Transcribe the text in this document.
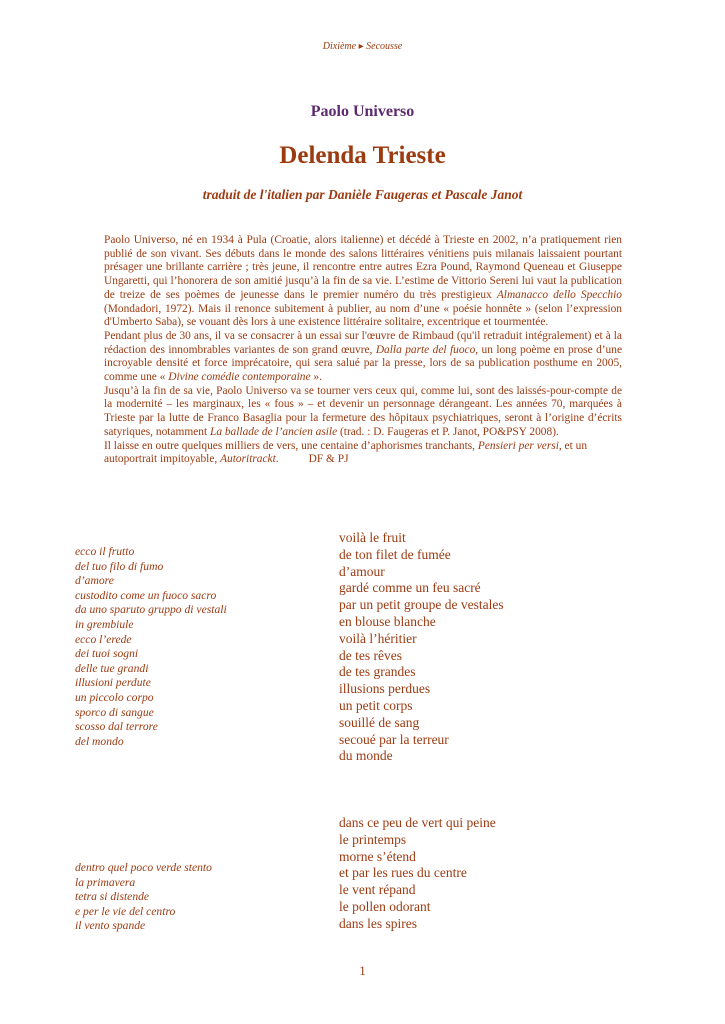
Dixième ▸ Secousse
Paolo Universo
Delenda Trieste
traduit de l'italien par Danièle Faugeras et Pascale Janot

Paolo Universo, né en 1934 à Pula (Croatie, alors italienne) et décédé à Trieste en 2002, n’a pratiquement rien publié de son vivant. Ses débuts dans le monde des salons littéraires vénitiens puis milanais laissaient pourtant présager une brillante carrière ; très jeune, il rencontre entre autres Ezra Pound, Raymond Queneau et Giuseppe Ungaretti, qui l’honorera de son amitié jusqu’à la fin de sa vie. L’estime de Vittorio Sereni lui vaut la publication de treize de ses poèmes de jeunesse dans le premier numéro du très prestigieux Almanacco dello Specchio (Mondadori, 1972). Mais il renonce subitement à publier, au nom d’une « poésie honnête » (selon l’expression d'Umberto Saba), se vouant dès lors à une existence littéraire solitaire, excentrique et tourmentée.

Pendant plus de 30 ans, il va se consacrer à un essai sur l'œuvre de Rimbaud (qu'il retraduit intégralement) et à la rédaction des innombrables variantes de son grand œuvre, Dalla parte del fuoco, un long poème en prose d’une incroyable densité et force imprécatoire, qui sera salué par la presse, lors de sa publication posthume en 2005, comme une « Divine comédie contemporaine ».

Jusqu’à la fin de sa vie, Paolo Universo va se tourner vers ceux qui, comme lui, sont des laissés-pour-compte de la modernité – les marginaux, les « fous » – et devenir un personnage dérangeant. Les années 70, marquées à Trieste par la lutte de Franco Basaglia pour la fermeture des hôpitaux psychiatriques, seront à l’origine d’écrits satyriques, notamment La ballade de l’ancien asile (trad. : D. Faugeras et P. Janot, PO&PSY 2008).

Il laisse en outre quelques milliers de vers, une centaine d’aphorismes tranchants, Pensieri per versi, et un autoportrait impitoyable, Autoritrackt.	DF & PJ

ecco il frutto
del tuo filo di fumo
d’amore
custodito come un fuoco sacro
da uno sparuto gruppo di vestali
in grembiule
ecco l’erede
dei tuoi sogni
delle tue grandi
illusioni perdute
un piccolo corpo
sporco di sangue
scosso dal terrore
del mondo
voilà le fruit
de ton filet de fumée
d’amour
gardé comme un feu sacré
par un petit groupe de vestales
en blouse blanche
voilà l’héritier
de tes rêves
de tes grandes
illusions perdues
un petit corps
souillé de sang
secoué par la terreur
du monde
dentro quel poco verde stento
la primavera
tetra si distende
e per le vie del centro
il vento spande
dans ce peu de vert qui peine
le printemps
morne s’étend
et par les rues du centre
le vent répand
le pollen odorant
dans les spires
1
